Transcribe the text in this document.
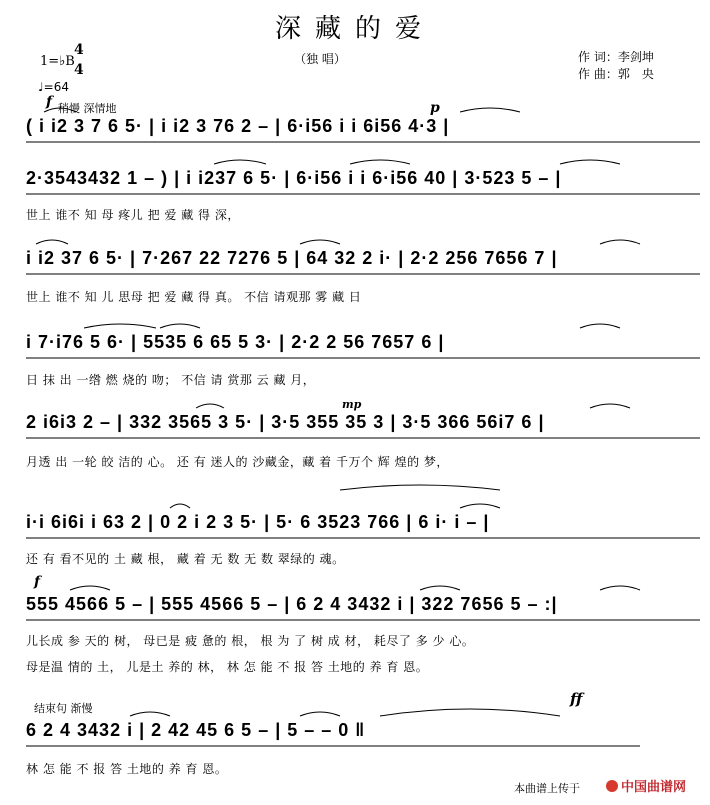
深藏的爱
（独 唱）	作 词：李剑坤
作 曲：郭　央
1=♭B
4
4
♩=64
f 稍慢 深情地	p
mp
f
结束句 渐慢
ff
( i i2 3 7 6 5· | i i2 3 76 2 – | 6·i56 i i 6i56 4·3 |
2·3543432 1 – ) | i i237 6 5· | 6·i56 i i 6·i56 40 | 3·523 5 – |
世上 谁不 知 母 疼儿 把 爱 藏 得 深，
i i2 37 6 5· | 7·267 22 7276 5 | 64 32 2 i· | 2·2 256 7656 7 |
世上 谁不 知 儿 思母 把 爱 藏 得 真。 不信 请观那 雾 藏 日
i 7·i76 5 6· | 5535 6 65 5 3· | 2·2 2 56 7657 6 |
日 抹 出 一绺 燃 烧的 吻； 不信 请 赏那 云 藏 月，
2 i6i3 2 – | 332 3565 3 5· | 3·5 355 35 3 | 3·5 366 56i7 6 |
月透 出 一轮 皎 洁的 心。 还 有 迷人的 沙藏金，藏 着 千万个 辉 煌的 梦，
i·i 6i6i i 63 2 | 0 2 i 2 3 5· | 5· 6 3523 766 | 6 i· i – |
还 有 看不见的 土 藏 根， 藏 着 无 数 无 数 翠绿的 魂。
555 4566 5 – | 555 4566 5 – | 6 2 4 3432 i | 322 7656 5 – :|
儿长成 参 天的 树， 母已是 疲 惫的 根， 根 为 了 树 成 材， 耗尽了 多 少 心。
母是温 情的 土， 儿是土 养的 林， 林 怎 能 不 报 答 土地的 养 育 恩。
6 2 4 3432 i | 2 42 45 6 5 – | 5 – – 0 ‖
林 怎 能 不 报 答 土地的 养 育 恩。
本曲谱上传于	中国曲谱网
